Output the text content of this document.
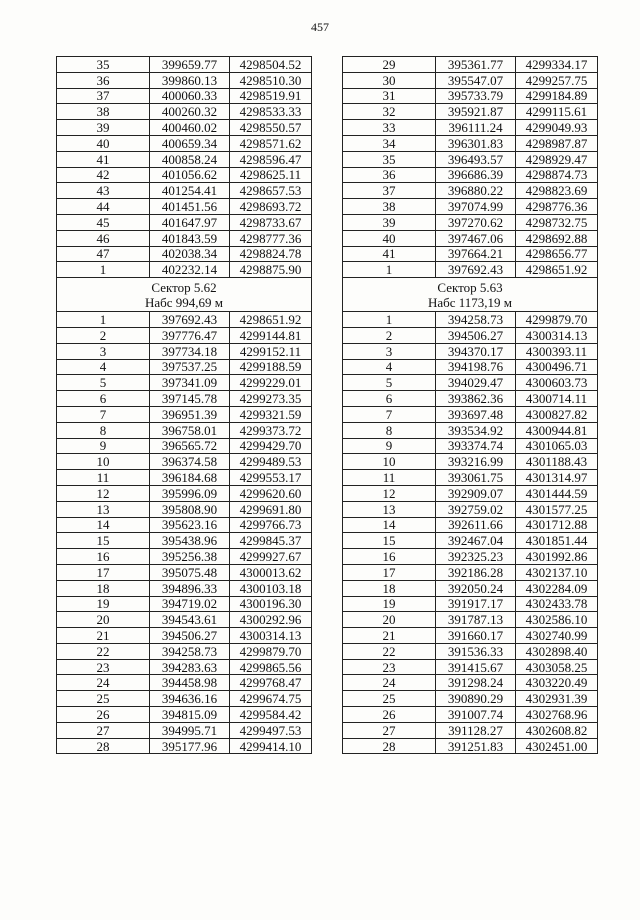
457
35	399659.77	4298504.52
36	399860.13	4298510.30
37	400060.33	4298519.91
38	400260.32	4298533.33
39	400460.02	4298550.57
40	400659.34	4298571.62
41	400858.24	4298596.47
42	401056.62	4298625.11
43	401254.41	4298657.53
44	401451.56	4298693.72
45	401647.97	4298733.67
46	401843.59	4298777.36
47	402038.34	4298824.78
1	402232.14	4298875.90

Сектор 5.62
Набс 994,69 м		

1	397692.43	4298651.92
2	397776.47	4299144.81
3	397734.18	4299152.11
4	397537.25	4299188.59
5	397341.09	4299229.01
6	397145.78	4299273.35
7	396951.39	4299321.59
8	396758.01	4299373.72
9	396565.72	4299429.70
10	396374.58	4299489.53
11	396184.68	4299553.17
12	395996.09	4299620.60
13	395808.90	4299691.80
14	395623.16	4299766.73
15	395438.96	4299845.37
16	395256.38	4299927.67
17	395075.48	4300013.62
18	394896.33	4300103.18
19	394719.02	4300196.30
20	394543.61	4300292.96
21	394506.27	4300314.13
22	394258.73	4299879.70
23	394283.63	4299865.56
24	394458.98	4299768.47
25	394636.16	4299674.75
26	394815.09	4299584.42
27	394995.71	4299497.53
28	395177.96	4299414.10
29	395361.77	4299334.17
30	395547.07	4299257.75
31	395733.79	4299184.89
32	395921.87	4299115.61
33	396111.24	4299049.93
34	396301.83	4298987.87
35	396493.57	4298929.47
36	396686.39	4298874.73
37	396880.22	4298823.69
38	397074.99	4298776.36
39	397270.62	4298732.75
40	397467.06	4298692.88
41	397664.21	4298656.77
1	397692.43	4298651.92

Сектор 5.63
Набс 1173,19 м		

1	394258.73	4299879.70
2	394506.27	4300314.13
3	394370.17	4300393.11
4	394198.76	4300496.71
5	394029.47	4300603.73
6	393862.36	4300714.11
7	393697.48	4300827.82
8	393534.92	4300944.81
9	393374.74	4301065.03
10	393216.99	4301188.43
11	393061.75	4301314.97
12	392909.07	4301444.59
13	392759.02	4301577.25
14	392611.66	4301712.88
15	392467.04	4301851.44
16	392325.23	4301992.86
17	392186.28	4302137.10
18	392050.24	4302284.09
19	391917.17	4302433.78
20	391787.13	4302586.10
21	391660.17	4302740.99
22	391536.33	4302898.40
23	391415.67	4303058.25
24	391298.24	4303220.49
25	390890.29	4302931.39
26	391007.74	4302768.96
27	391128.27	4302608.82
28	391251.83	4302451.00
